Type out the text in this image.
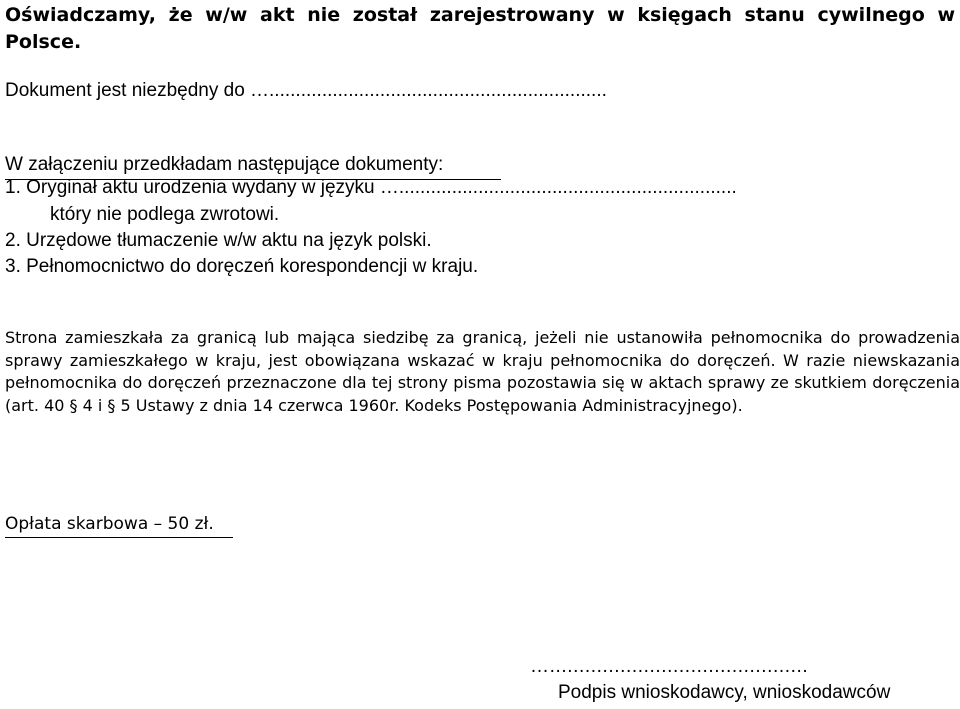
Oświadczamy, że w/w akt nie został zarejestrowany w księgach stanu cywilnego w Polsce.
Dokument jest niezbędny do …................................................................
W załączeniu przedkładam następujące dokumenty:
1. Oryginał aktu urodzenia wydany w języku …................................................................
który nie podlega zwrotowi.
2. Urzędowe tłumaczenie w/w aktu na język polski.
3. Pełnomocnictwo do doręczeń korespondencji w kraju.
Strona zamieszkała za granicą lub mająca siedzibę za granicą, jeżeli nie ustanowiła pełnomocnika do prowadzenia sprawy zamieszkałego w kraju, jest obowiązana wskazać w kraju pełnomocnika do doręczeń. W razie niewskazania pełnomocnika do doręczeń przeznaczone dla tej strony pisma pozostawia się w aktach sprawy ze skutkiem doręczenia (art. 40 § 4 i § 5 Ustawy z dnia 14 czerwca 1960r. Kodeks Postępowania Administracyjnego).
Opłata skarbowa – 50 zł.
…............................................
Podpis wnioskodawcy, wnioskodawców
